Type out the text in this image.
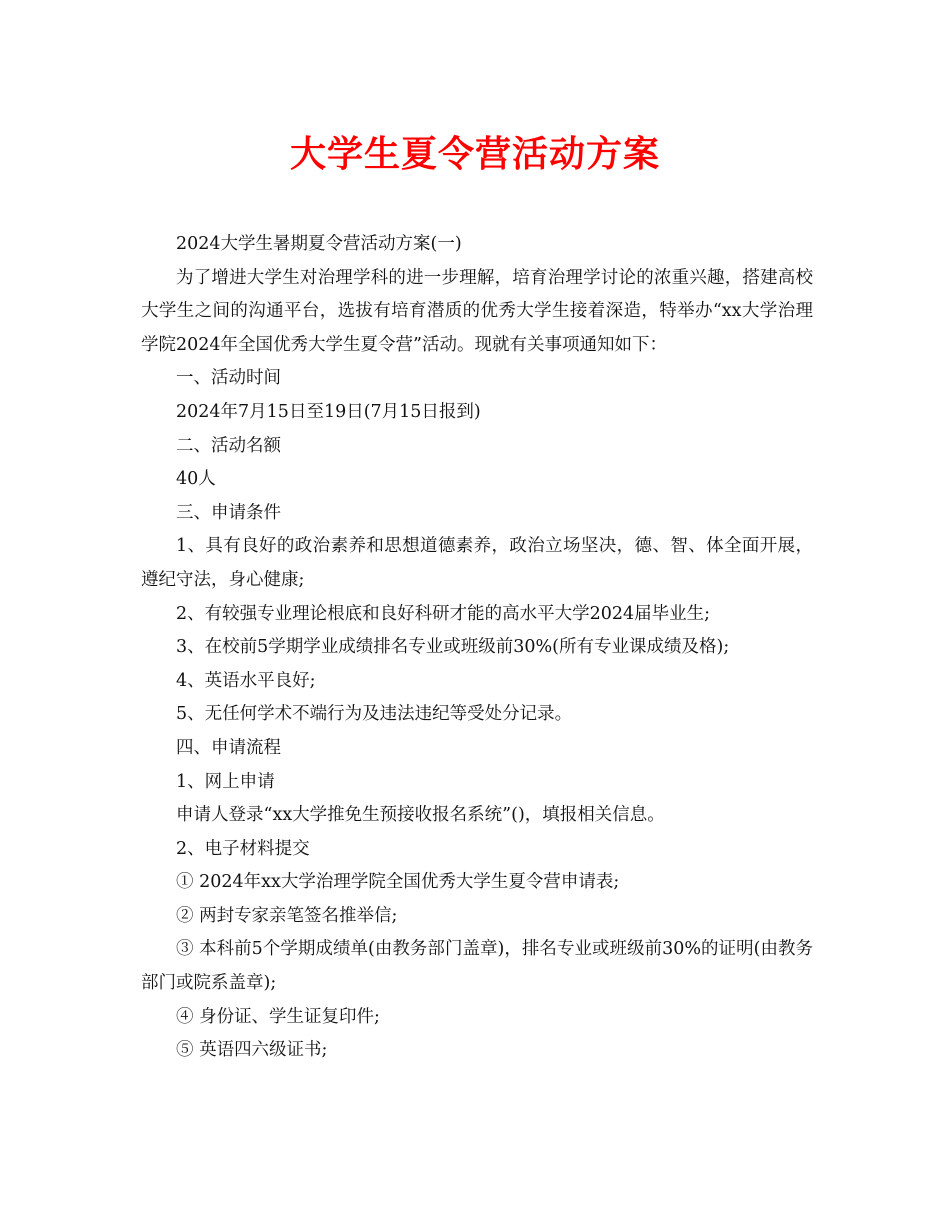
大学生夏令营活动方案

2024大学生暑期夏令营活动方案(一)

为了增进大学生对治理学科的进一步理解，培育治理学讨论的浓重兴趣，搭建高校大学生之间的沟通平台，选拔有培育潜质的优秀大学生接着深造，特举办“xx大学治理学院2024年全国优秀大学生夏令营”活动。现就有关事项通知如下：

一、活动时间

2024年7月15日至19日(7月15日报到)

二、活动名额

40人

三、申请条件

1、具有良好的政治素养和思想道德素养，政治立场坚决，德、智、体全面开展，遵纪守法，身心健康;

2、有较强专业理论根底和良好科研才能的高水平大学2024届毕业生;

3、在校前5学期学业成绩排名专业或班级前30%(所有专业课成绩及格);

4、英语水平良好;

5、无任何学术不端行为及违法违纪等受处分记录。

四、申请流程

1、网上申请

申请人登录“xx大学推免生预接收报名系统”()，填报相关信息。

2、电子材料提交

① 2024年xx大学治理学院全国优秀大学生夏令营申请表;

② 两封专家亲笔签名推举信;

③ 本科前5个学期成绩单(由教务部门盖章)，排名专业或班级前30%的证明(由教务部门或院系盖章);

④ 身份证、学生证复印件;

⑤ 英语四六级证书;
